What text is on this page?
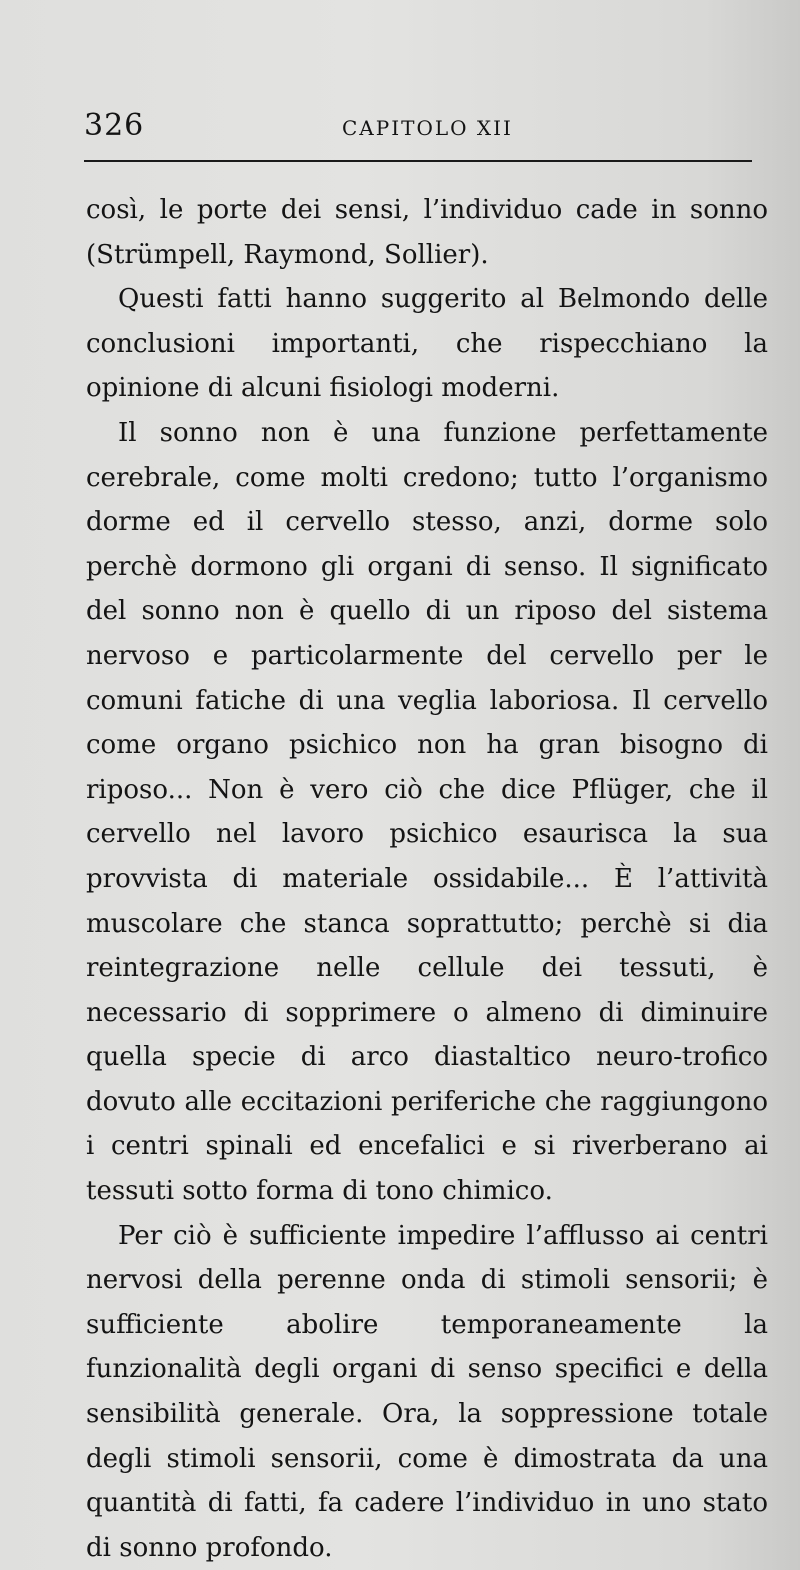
326	CAPITOLO XII

così, le porte dei sensi, l’individuo cade in sonno (Strümpell, Raymond, Sollier).

Questi fatti hanno suggerito al Belmondo delle conclusioni importanti, che rispecchiano la opinione di alcuni fisiologi moderni.

Il sonno non è una funzione perfettamente cerebrale, come molti credono; tutto l’organismo dorme ed il cervello stesso, anzi, dorme solo perchè dormono gli organi di senso. Il significato del sonno non è quello di un riposo del sistema nervoso e particolarmente del cervello per le comuni fatiche di una veglia laboriosa. Il cervello come organo psichico non ha gran bisogno di riposo... Non è vero ciò che dice Pflüger, che il cervello nel lavoro psichico esaurisca la sua provvista di materiale ossidabile... È l’attività muscolare che stanca soprattutto; perchè si dia reintegrazione nelle cellule dei tessuti, è necessario di sopprimere o almeno di diminuire quella specie di arco diastaltico neuro-trofico dovuto alle eccitazioni periferiche che raggiungono i centri spinali ed encefalici e si riverberano ai tessuti sotto forma di tono chimico.

Per ciò è sufficiente impedire l’afflusso ai centri nervosi della perenne onda di stimoli sensorii; è sufficiente abolire temporaneamente la funzionalità degli organi di senso specifici e della sensibilità generale. Ora, la soppressione totale degli stimoli sensorii, come è dimostrata da una quantità di fatti, fa cadere l’individuo in uno stato di sonno profondo.
